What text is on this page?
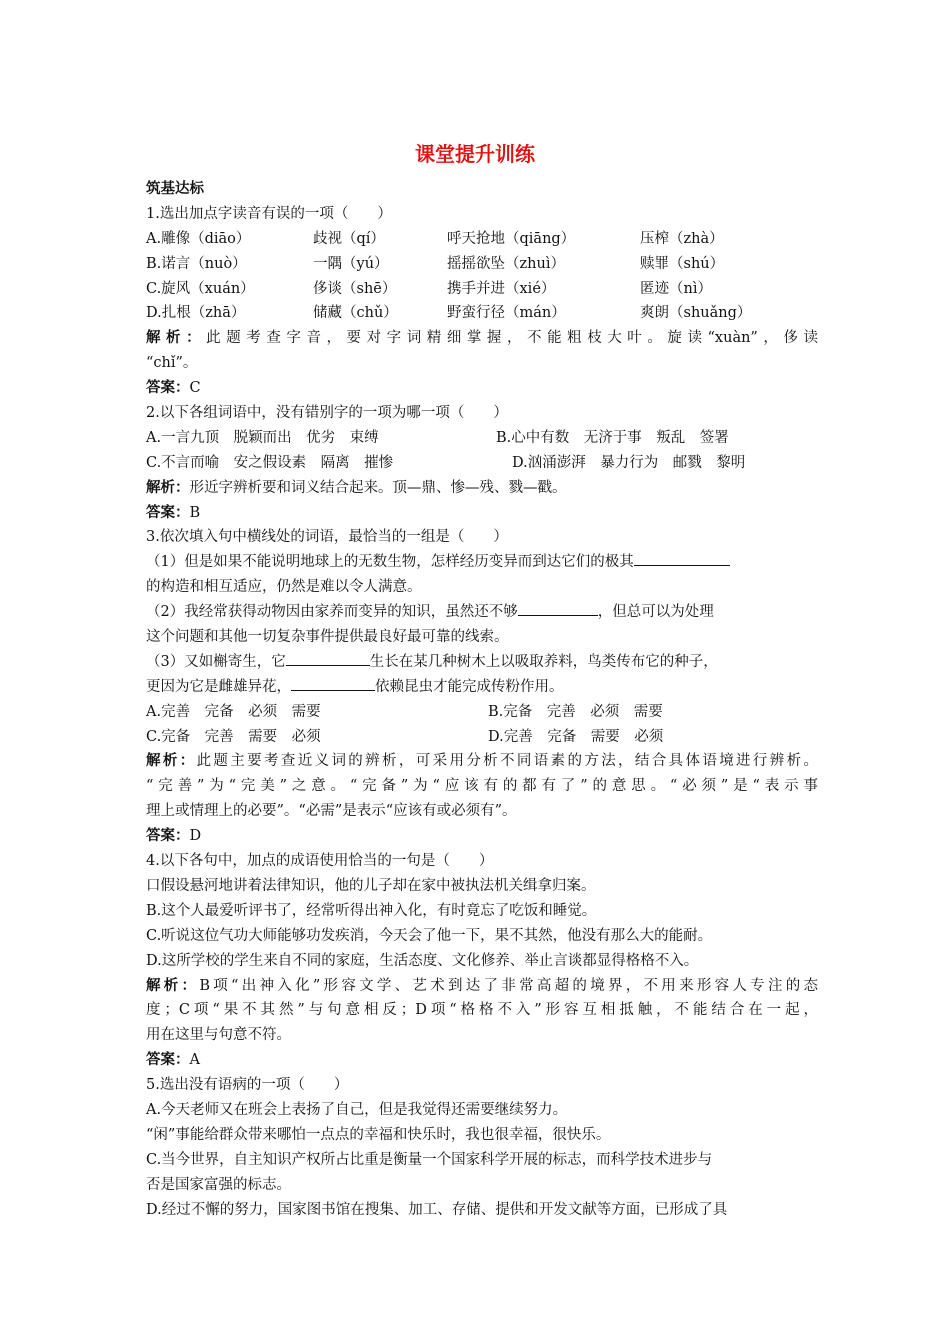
课堂提升训练
筑基达标
1.选出加点字读音有误的一项（　　）
A.雕像（diāo）	歧视（qí）	呼天抢地（qiāng）	压榨（zhà）
B.诺言（nuò）	一隅（yú）	摇摇欲坠（zhuì）	赎罪（shú）
C.旋风（xuán）	侈谈（shē）	携手并进（xié）	匿迹（nì）
D.扎根（zhā）	储藏（chǔ）	野蛮行径（mán）	爽朗（shuǎng）
解析：此题考查字音，要对字词精细掌握，不能粗枝大叶。旋读“xuàn”，侈读
“chǐ”。
答案：C
2.以下各组词语中，没有错别字的一项为哪一项（　　）
A.一言九顶　脱颖而出　优劣　束缚	B.心中有数　无济于事　叛乱　签署
C.不言而喻　安之假设素　隔离　摧惨	D.汹涌澎湃　暴力行为　邮戮　黎明
解析：形近字辨析要和词义结合起来。顶—鼎、惨—残、戮—戳。
答案：B
3.依次填入句中横线处的词语，最恰当的一组是（　　）
（1）但是如果不能说明地球上的无数生物，怎样经历变异而到达它们的极其
的构造和相互适应，仍然是难以令人满意。
（2）我经常获得动物因由家养而变异的知识，虽然还不够	，但总可以为处理
这个问题和其他一切复杂事件提供最良好最可靠的线索。
（3）又如槲寄生，它	生长在某几种树木上以吸取养料，鸟类传布它的种子，
更因为它是雌雄异花，	依赖昆虫才能完成传粉作用。
A.完善　完备　必须　需要	B.完备　完善　必须　需要
C.完备　完善　需要　必须	D.完善　完备　需要　必须
解析：此题主要考查近义词的辨析，可采用分析不同语素的方法，结合具体语境进行辨析。
“完善”为“完美”之意。“完备”为“应该有的都有了”的意思。“必须”是“表示事
理上或情理上的必要”。“必需”是表示“应该有或必须有”。
答案：D
4.以下各句中，加点的成语使用恰当的一句是（　　）
口假设悬河地讲着法律知识，他的儿子却在家中被执法机关缉拿归案。
B.这个人最爱听评书了，经常听得出神入化，有时竟忘了吃饭和睡觉。
C.听说这位气功大师能够功发疾消，今天会了他一下，果不其然，他没有那么大的能耐。
D.这所学校的学生来自不同的家庭，生活态度、文化修养、举止言谈都显得格格不入。
解析：B项“出神入化”形容文学、艺术到达了非常高超的境界，不用来形容人专注的态
度；C项“果不其然”与句意相反；D项“格格不入”形容互相抵触，不能结合在一起，
用在这里与句意不符。
答案：A
5.选出没有语病的一项（　　）
A.今天老师又在班会上表扬了自己，但是我觉得还需要继续努力。
“闲”事能给群众带来哪怕一点点的幸福和快乐时，我也很幸福，很快乐。
C.当今世界，自主知识产权所占比重是衡量一个国家科学开展的标志，而科学技术进步与
否是国家富强的标志。
D.经过不懈的努力，国家图书馆在搜集、加工、存储、提供和开发文献等方面，已形成了具
